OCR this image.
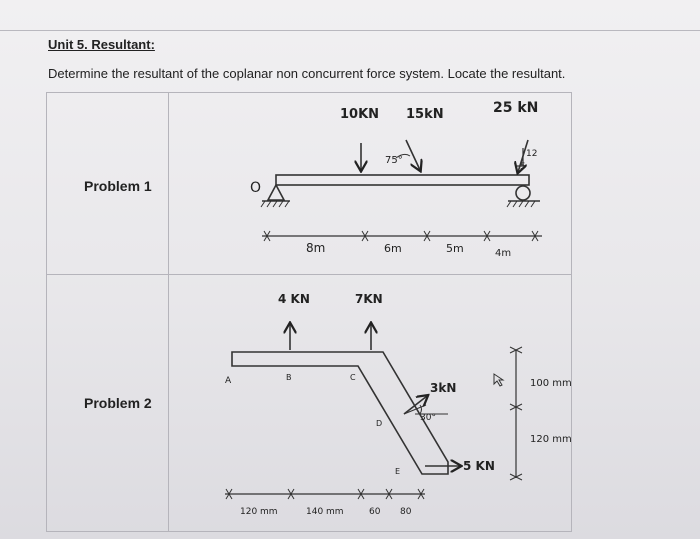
Unit 5. Resultant:
Determine the resultant of the coplanar non concurrent force system. Locate the resultant.
Problem 1
Problem 2
O
10KN 15kN
75°
25 kN
12
5
8m	6m	5m	4m
4 KN	7KN
3kN
30°
5 KN
A	B	C
D
E
100 mm
120 mm
120 mm	140 mm	60 80
